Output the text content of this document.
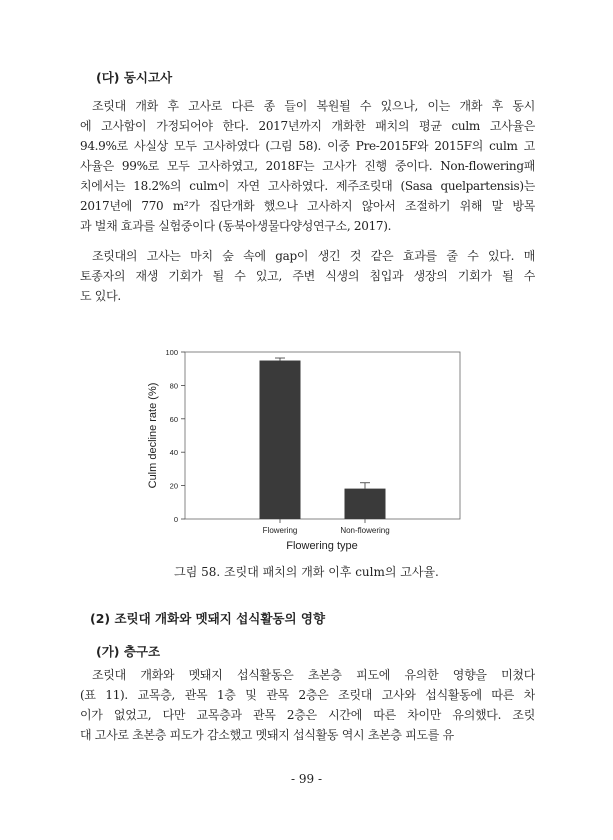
(다) 동시고사
조릿대 개화 후 고사로 다른 종 들이 복원될 수 있으나, 이는 개화 후 동시
에 고사함이 가정되어야 한다. 2017년까지 개화한 패치의 평균 culm 고사율은
94.9%로 사실상 모두 고사하였다 (그림 58). 이중 Pre-2015F와 2015F의 culm 고
사율은 99%로 모두 고사하였고, 2018F는 고사가 진행 중이다. Non-flowering패
치에서는 18.2%의 culm이 자연 고사하였다. 제주조릿대 (Sasa quelpartensis)는
2017년에 770 m²가 집단개화 했으나 고사하지 않아서 조절하기 위해 말 방목
과 벌채 효과를 실험중이다 (동북아생물다양성연구소, 2017).
조릿대의 고사는 마치 숲 속에 gap이 생긴 것 같은 효과를 줄 수 있다. 매
토종자의 재생 기회가 될 수 있고, 주변 식생의 침입과 생장의 기회가 될 수
도 있다.
0
20
40
60
80
100
Culm decline rate (%)
Flowering	Non-flowering
Flowering type
그림 58. 조릿대 패치의 개화 이후 culm의 고사율.
(2) 조릿대 개화와 멧돼지 섭식활동의 영향
(가) 층구조
조릿대 개화와 멧돼지 섭식활동은 초본층 피도에 유의한 영향을 미쳤다
(표 11). 교목층, 관목 1층 및 관목 2층은 조릿대 고사와 섭식활동에 따른 차
이가 없었고, 다만 교목층과 관목 2층은 시간에 따른 차이만 유의했다. 조릿
대 고사로 초본층 피도가 감소했고 멧돼지 섭식활동 역시 초본층 피도를 유
- 99 -
